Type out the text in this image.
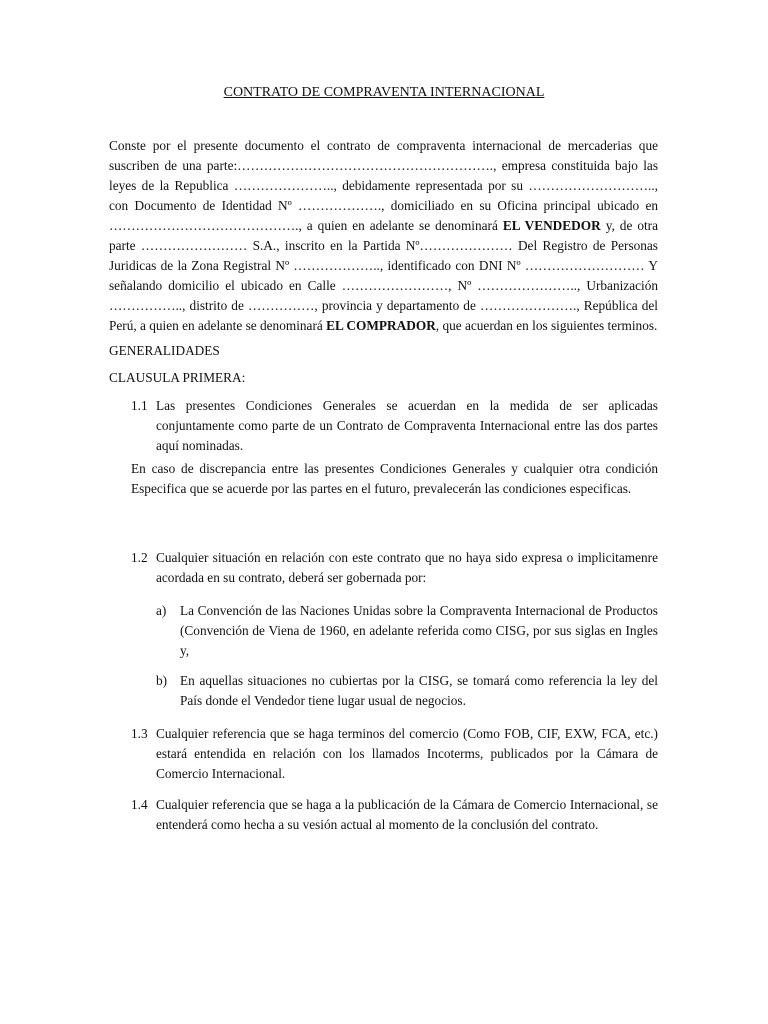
CONTRATO DE COMPRAVENTA INTERNACIONAL

Conste por el presente documento el contrato de compraventa internacional de mercaderias que suscriben de una parte:…………………………………………………., empresa constituida bajo las leyes de la Republica ………………….., debidamente representada por su ……………………….., con Documento de Identidad Nº ………………., domiciliado en su Oficina principal ubicado en ……………………………………., a quien en adelante se denominará EL VENDEDOR y, de otra parte …………………… S.A., inscrito en la Partida Nº………………… Del Registro de Personas Juridicas de la Zona Registral Nº ……………….., identificado con DNI Nº ……………………… Y señalando domicilio el ubicado en Calle ……………………, Nº ………………….., Urbanización …………….., distrito de ……………, provincia y departamento de …………………., República del Perú, a quien en adelante se denominará EL COMPRADOR, que acuerdan en los siguientes terminos.

GENERALIDADES

CLAUSULA PRIMERA:

1.1 Las presentes Condiciones Generales se acuerdan en la medida de ser aplicadas conjuntamente como parte de un Contrato de Compraventa Internacional entre las dos partes aquí nominadas.

En caso de discrepancia entre las presentes Condiciones Generales y cualquier otra condición Especifica que se acuerde por las partes en el futuro, prevalecerán las condiciones especificas.

1.2 Cualquier situación en relación con este contrato que no haya sido expresa o implicitamenre acordada en su contrato, deberá ser gobernada por:
a) La Convención de las Naciones Unidas sobre la Compraventa Internacional de Productos (Convención de Viena de 1960, en adelante referida como CISG, por sus siglas en Ingles y,
b) En aquellas situaciones no cubiertas por la CISG, se tomará como referencia la ley del País donde el Vendedor tiene lugar usual de negocios.
1.3 Cualquier referencia que se haga terminos del comercio (Como FOB, CIF, EXW, FCA, etc.) estará entendida en relación con los llamados Incoterms, publicados por la Cámara de Comercio Internacional.
1.4 Cualquier referencia que se haga a la publicación de la Cámara de Comercio Internacional, se entenderá como hecha a su vesión actual al momento de la conclusión del contrato.
